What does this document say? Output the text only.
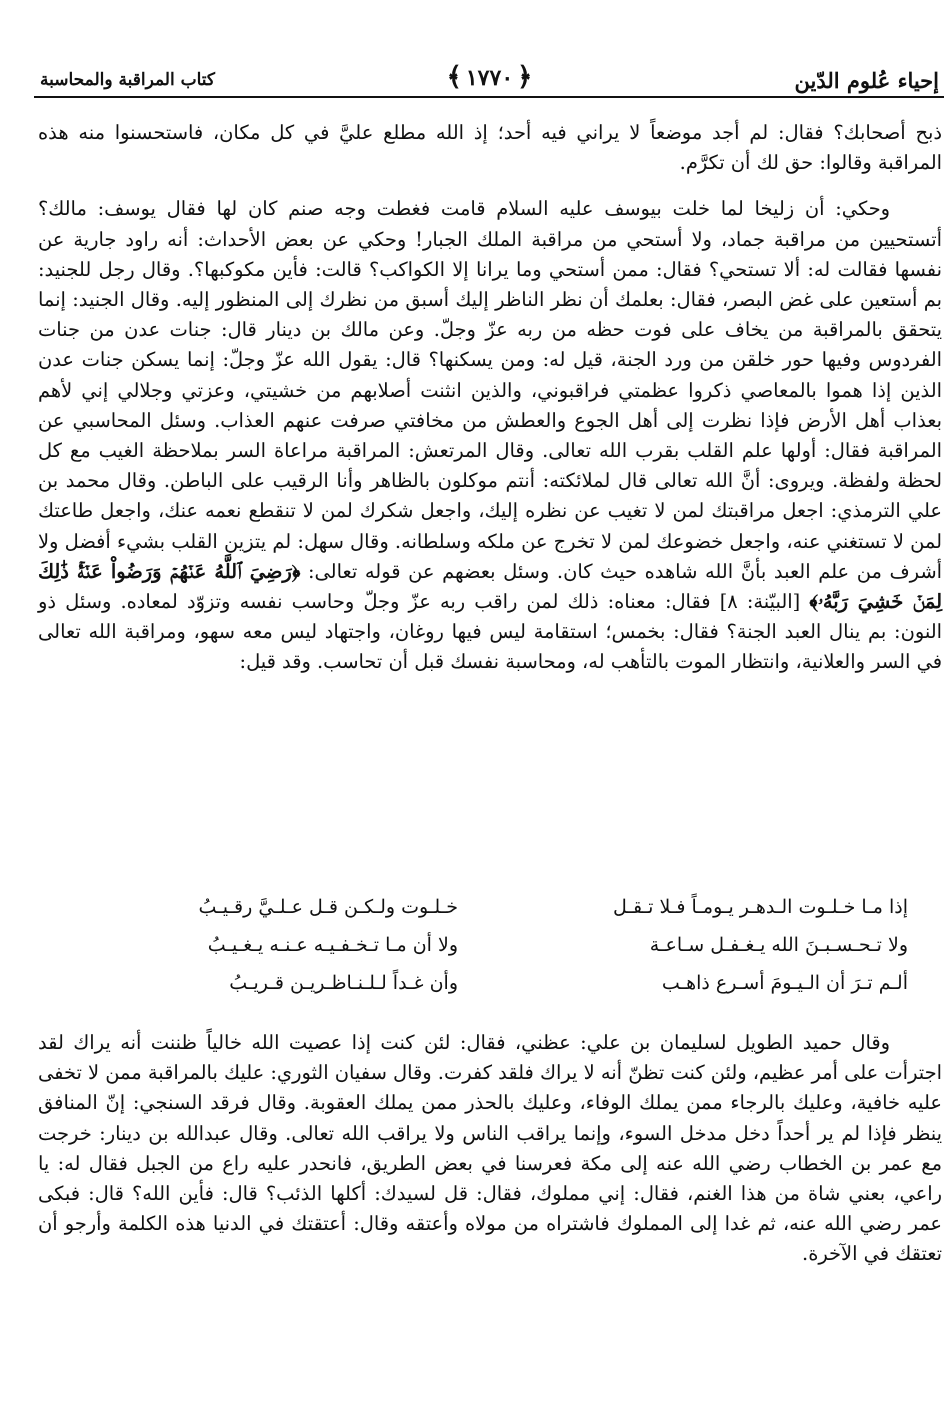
إحياء عُلوم الدّين
﴿١٧٧٠﴾
كتاب المراقبة والمحاسبة

ذبح أصحابك؟ فقال: لم أجد موضعاً لا يراني فيه أحد؛ إذ الله مطلع عليَّ في كل مكان، فاستحسنوا منه هذه المراقبة وقالوا: حق لك أن تكرَّم.

وحكي: أن زليخا لما خلت بيوسف عليه السلام قامت فغطت وجه صنم كان لها فقال يوسف: مالك؟ أتستحيين من مراقبة جماد، ولا أستحي من مراقبة الملك الجبار! وحكي عن بعض الأحداث: أنه راود جارية عن نفسها فقالت له: ألا تستحي؟ فقال: ممن أستحي وما يرانا إلا الكواكب؟ قالت: فأين مكوكبها؟. وقال رجل للجنيد: بم أستعين على غض البصر، فقال: بعلمك أن نظر الناظر إليك أسبق من نظرك إلى المنظور إليه. وقال الجنيد: إنما يتحقق بالمراقبة من يخاف على فوت حظه من ربه عزّ وجلّ. وعن مالك بن دينار قال: جنات عدن من جنات الفردوس وفيها حور خلقن من ورد الجنة، قيل له: ومن يسكنها؟ قال: يقول الله عزّ وجلّ: إنما يسكن جنات عدن الذين إذا هموا بالمعاصي ذكروا عظمتي فراقبوني، والذين انثنت أصلابهم من خشيتي، وعزتي وجلالي إني لأهم بعذاب أهل الأرض فإذا نظرت إلى أهل الجوع والعطش من مخافتي صرفت عنهم العذاب. وسئل المحاسبي عن المراقبة فقال: أولها علم القلب بقرب الله تعالى. وقال المرتعش: المراقبة مراعاة السر بملاحظة الغيب مع كل لحظة ولفظة. ويروى: أنَّ الله تعالى قال لملائكته: أنتم موكلون بالظاهر وأنا الرقيب على الباطن. وقال محمد بن علي الترمذي: اجعل مراقبتك لمن لا تغيب عن نظره إليك، واجعل شكرك لمن لا تنقطع نعمه عنك، واجعل طاعتك لمن لا تستغني عنه، واجعل خضوعك لمن لا تخرج عن ملكه وسلطانه. وقال سهل: لم يتزين القلب بشيء أفضل ولا أشرف من علم العبد بأنَّ الله شاهده حيث كان. وسئل بعضهم عن قوله تعالى: ﴿رَضِيَ ٱللَّهُ عَنۡهُمۡ وَرَضُواْ عَنۡهُۚ ذَٰلِكَ لِمَنۡ خَشِيَ رَبَّهُۥ﴾ [البيّنة: ٨] فقال: معناه: ذلك لمن راقب ربه عزّ وجلّ وحاسب نفسه وتزوّد لمعاده. وسئل ذو النون: بم ينال العبد الجنة؟ فقال: بخمس؛ استقامة ليس فيها روغان، واجتهاد ليس معه سهو، ومراقبة الله تعالى في السر والعلانية، وانتظار الموت بالتأهب له، ومحاسبة نفسك قبل أن تحاسب. وقد قيل:

إذا مـا خـلـوت الـدهـر يـومـاً فـلا تـقـل
خـلـوت ولـكـن قـل عـلـيَّ رقـيـبُ
ولا تـحـسـبـنَ الله يـغـفـل سـاعـة
ولا أن مـا تـخـفـيـه عـنـه يـغـيـبُ
ألـم تـرَ أن الـيـومَ أسـرع ذاهـب
وأن غـداً لـلـنـاظـريـن قـريـبُ

وقال حميد الطويل لسليمان بن علي: عظني، فقال: لئن كنت إذا عصيت الله خالياً ظننت أنه يراك لقد اجترأت على أمر عظيم، ولئن كنت تظنّ أنه لا يراك فلقد كفرت. وقال سفيان الثوري: عليك بالمراقبة ممن لا تخفى عليه خافية، وعليك بالرجاء ممن يملك الوفاء، وعليك بالحذر ممن يملك العقوبة. وقال فرقد السنجي: إنّ المنافق ينظر فإذا لم ير أحداً دخل مدخل السوء، وإنما يراقب الناس ولا يراقب الله تعالى. وقال عبدالله بن دينار: خرجت مع عمر بن الخطاب رضي الله عنه إلى مكة فعرسنا في بعض الطريق، فانحدر عليه راع من الجبل فقال له: يا راعي، بعني شاة من هذا الغنم، فقال: إني مملوك، فقال: قل لسيدك: أكلها الذئب؟ قال: فأين الله؟ قال: فبكى عمر رضي الله عنه، ثم غدا إلى المملوك فاشتراه من مولاه وأعتقه وقال: أعتقتك في الدنيا هذه الكلمة وأرجو أن تعتقك في الآخرة.
